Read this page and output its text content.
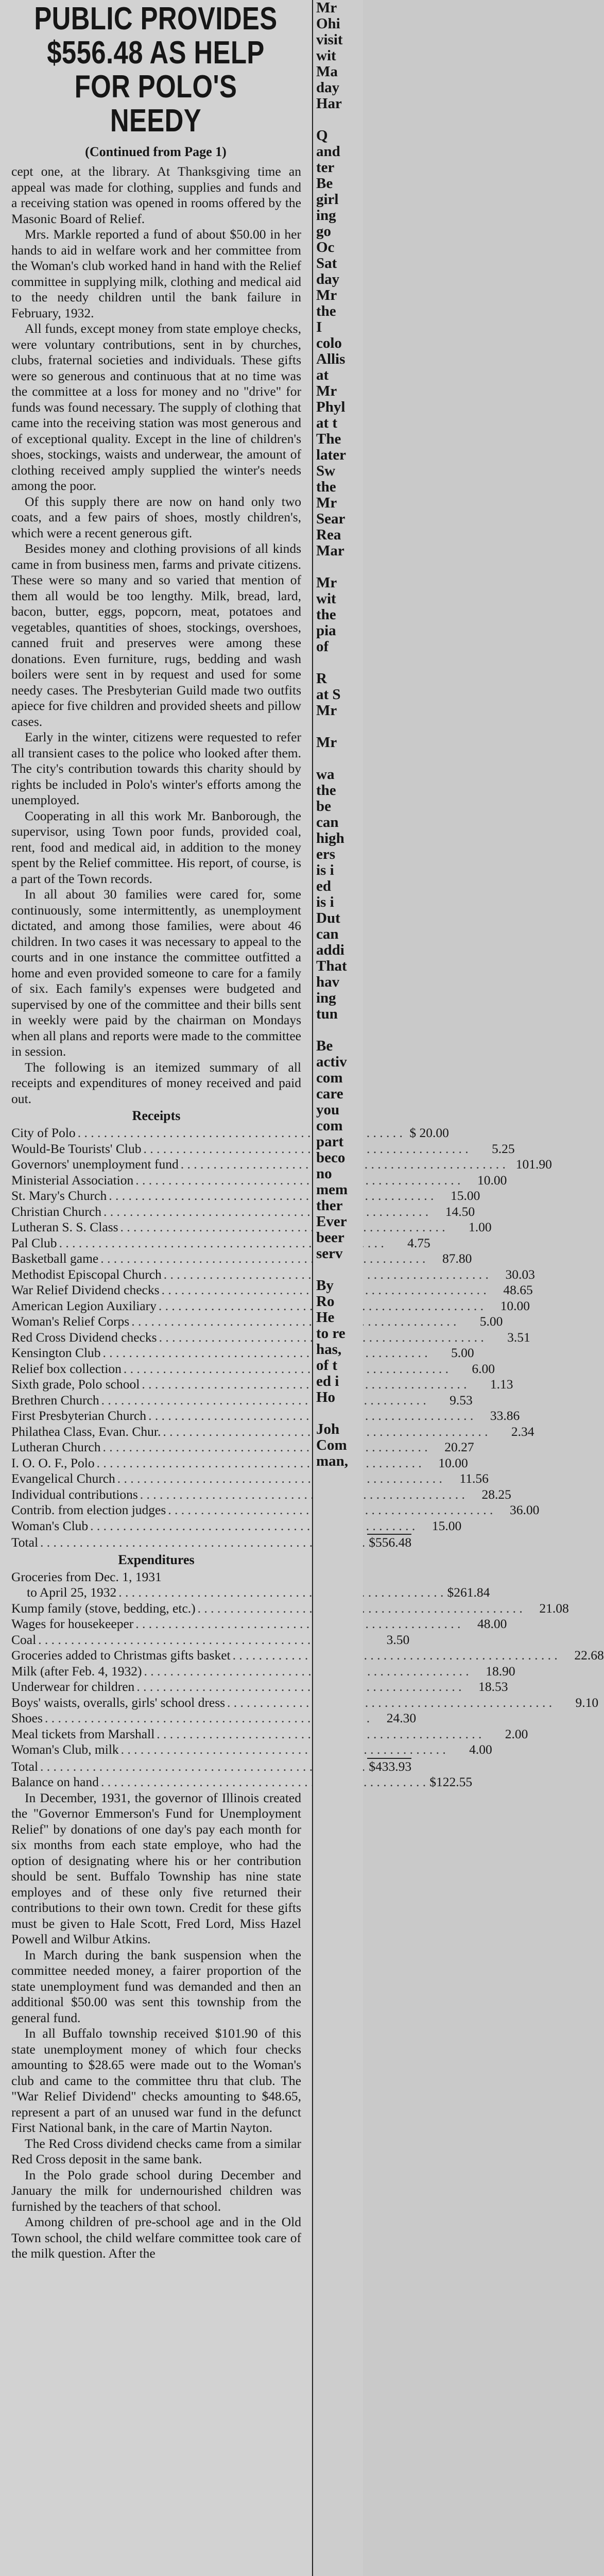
PUBLIC PROVIDES
$556.48 AS HELP
FOR POLO'S NEEDY
(Continued from Page 1)

cept one, at the library. At Thanksgiving time an appeal was made for clothing, supplies and funds and a receiving station was opened in rooms offered by the Masonic Board of Relief.

Mrs. Markle reported a fund of about $50.00 in her hands to aid in welfare work and her committee from the Woman's club worked hand in hand with the Relief committee in supplying milk, clothing and medical aid to the needy children until the bank failure in February, 1932.

All funds, except money from state employe checks, were voluntary contributions, sent in by churches, clubs, fraternal societies and individuals. These gifts were so generous and continuous that at no time was the committee at a loss for money and no "drive" for funds was found necessary. The supply of clothing that came into the receiving station was most generous and of exceptional quality. Except in the line of children's shoes, stockings, waists and underwear, the amount of clothing received amply supplied the winter's needs among the poor.

Of this supply there are now on hand only two coats, and a few pairs of shoes, mostly children's, which were a recent generous gift.

Besides money and clothing provisions of all kinds came in from business men, farms and private citizens. These were so many and so varied that mention of them all would be too lengthy. Milk, bread, lard, bacon, butter, eggs, popcorn, meat, potatoes and vegetables, quantities of shoes, stockings, overshoes, canned fruit and preserves were among these donations. Even furniture, rugs, bedding and wash boilers were sent in by request and used for some needy cases. The Presbyterian Guild made two outfits apiece for five children and provided sheets and pillow cases.

Early in the winter, citizens were requested to refer all transient cases to the police who looked after them. The city's contribution towards this charity should by rights be included in Polo's winter's efforts among the unemployed.

Cooperating in all this work Mr. Banborough, the supervisor, using Town poor funds, provided coal, rent, food and medical aid, in addition to the money spent by the Relief committee. His report, of course, is a part of the Town records.

In all about 30 families were cared for, some continuously, some intermittently, as unemployment dictated, and among those families, were about 46 children. In two cases it was necessary to appeal to the courts and in one instance the committee outfitted a home and even provided someone to care for a family of six. Each family's expenses were budgeted and supervised by one of the committee and their bills sent in weekly were paid by the chairman on Mondays when all plans and reports were made to the committee in session.

The following is an itemized summary of all receipts and expenditures of money received and paid out.

Receipts
City of Polo . . .	$ 20.00
Would-Be Tourists' Club . . .	5.25
Governors' unemployment fund . . .	101.90
Ministerial Association . . .	10.00
St. Mary's Church . . .	15.00
Christian Church . . .	14.50
Lutheran S. S. Class . . .	1.00
Pal Club . . .	4.75
Basketball game . . .	87.80
Methodist Episcopal Church . . .	30.03
War Relief Dividend checks . . .	48.65
American Legion Auxiliary . . .	10.00
Woman's Relief Corps . . .	5.00
Red Cross Dividend checks . . .	3.51
Kensington Club . . .	5.00
Relief box collection . . .	6.00
Sixth grade, Polo school . . .	1.13
Brethren Church . . .	9.53
First Presbyterian Church . . .	33.86
Philathea Class, Evan. Chur. . . .	2.34
Lutheran Church . . .	20.27
I. O. O. F., Polo . . .	10.00
Evangelical Church . . .	11.56
Individual contributions . . .	28.25
Contrib. from election judges . . .	36.00
Woman's Club . . .	15.00
Total . . .	$556.48
Expenditures
Groceries from Dec. 1, 1931
to April 25, 1932 . . .	$261.84
Kump family (stove, bedding, etc.) . . .	21.08
Wages for housekeeper . . .	48.00
Coal . . .	3.50
Groceries added to Christmas gifts basket . . .	22.68
Milk (after Feb. 4, 1932) . . .	18.90
Underwear for children . . .	18.53
Boys' waists, overalls, girls' school dress . . .	9.10
Shoes . . .	24.30
Meal tickets from Marshall . . .	2.00
Woman's Club, milk . . .	4.00
Total . . .	$433.93
Balance on hand . . .	$122.55

In December, 1931, the governor of Illinois created the "Governor Emmerson's Fund for Unemployment Relief" by donations of one day's pay each month for six months from each state employe, who had the option of designating where his or her contribution should be sent. Buffalo Township has nine state employes and of these only five returned their contributions to their own town. Credit for these gifts must be given to Hale Scott, Fred Lord, Miss Hazel Powell and Wilbur Atkins.

In March during the bank suspension when the committee needed money, a fairer proportion of the state unemployment fund was demanded and then an additional $50.00 was sent this township from the general fund.

In all Buffalo township received $101.90 of this state unemployment money of which four checks amounting to $28.65 were made out to the Woman's club and came to the committee thru that club. The "War Relief Dividend" checks amounting to $48.65, represent a part of an unused war fund in the defunct First National bank, in the care of Martin Nayton.

The Red Cross dividend checks came from a similar Red Cross deposit in the same bank.

In the Polo grade school during December and January the milk for undernourished children was furnished by the teachers of that school.

Among children of pre-school age and in the Old Town school, the child welfare committee took care of the milk question. After the

Mr
Ohi
visit
wit
Ma
day
Har

Q
and
ter
Be
girl
ing
go
Oc
Sat
day
Mr
the
I
colo
Allis
at
Mr
Phyl
at t
The
later
Sw
the
Mr
Sear
Rea
Mar

Mr
wit
the
pia
of

R
at S
Mr

Mr

wa
the
be
can
high
ers
is i
ed
is i
Dut
can
addi
That
hav
ing
tun

Be
activ
com
care
you
com
part
beco
no
mem
ther
Ever
beer
serv

By
Ro
He
to re
has,
of t
ed i
Ho

Joh
Com
man,
